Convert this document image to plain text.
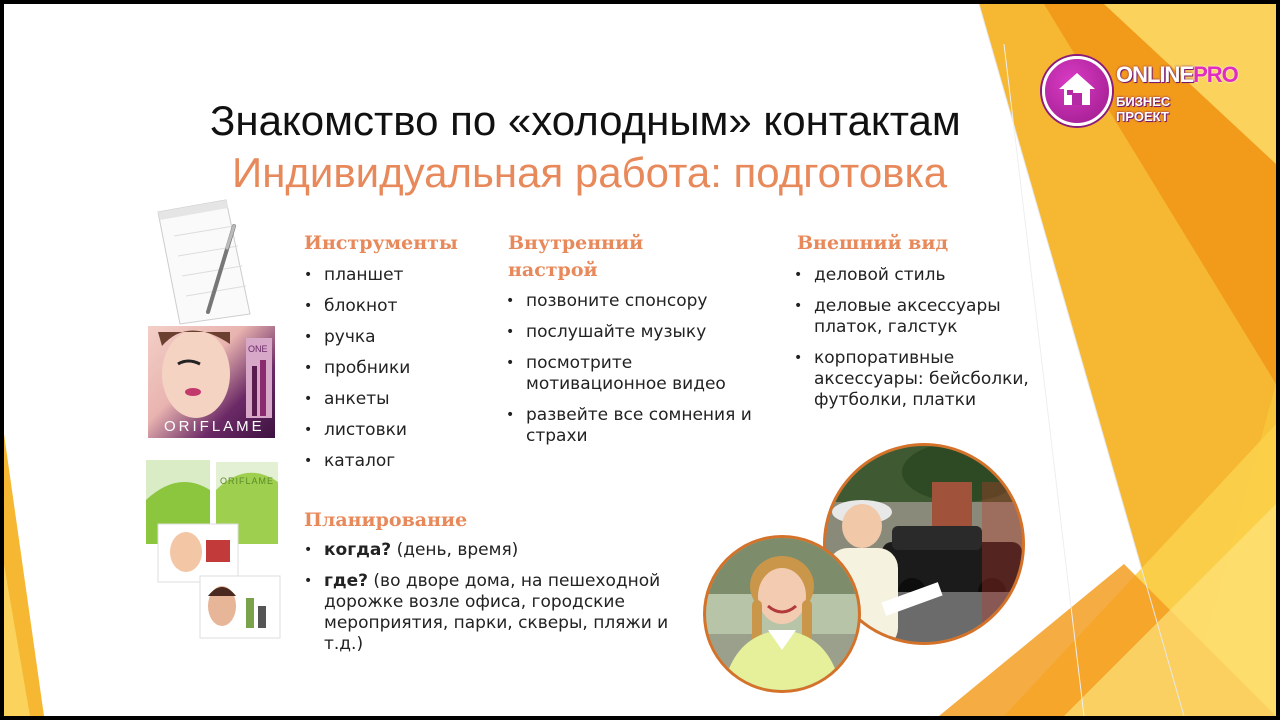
ONLINEPRO
БИЗНЕС ПРОЕКТ
Знакомство по «холодным» контактам
Индивидуальная работа: подготовка
ONE
ORIFLAME
ORIFLAME
Инструменты
• планшет
• блокнот
• ручка
• пробники
• анкеты
• листовки
• каталог
Внутренний настрой
• позвоните спонсору
• послушайте музыку
• посмотрите мотивационное видео
• развейте все сомнения и страхи
Внешний вид
• деловой стиль
• деловые аксессуары платок, галстук
• корпоративные аксессуары: бейсболки, футболки, платки
Планирование
• когда? (день, время)
• где? (во дворе дома, на пешеходной дорожке возле офиса, городские мероприятия, парки, скверы, пляжи и т.д.)
